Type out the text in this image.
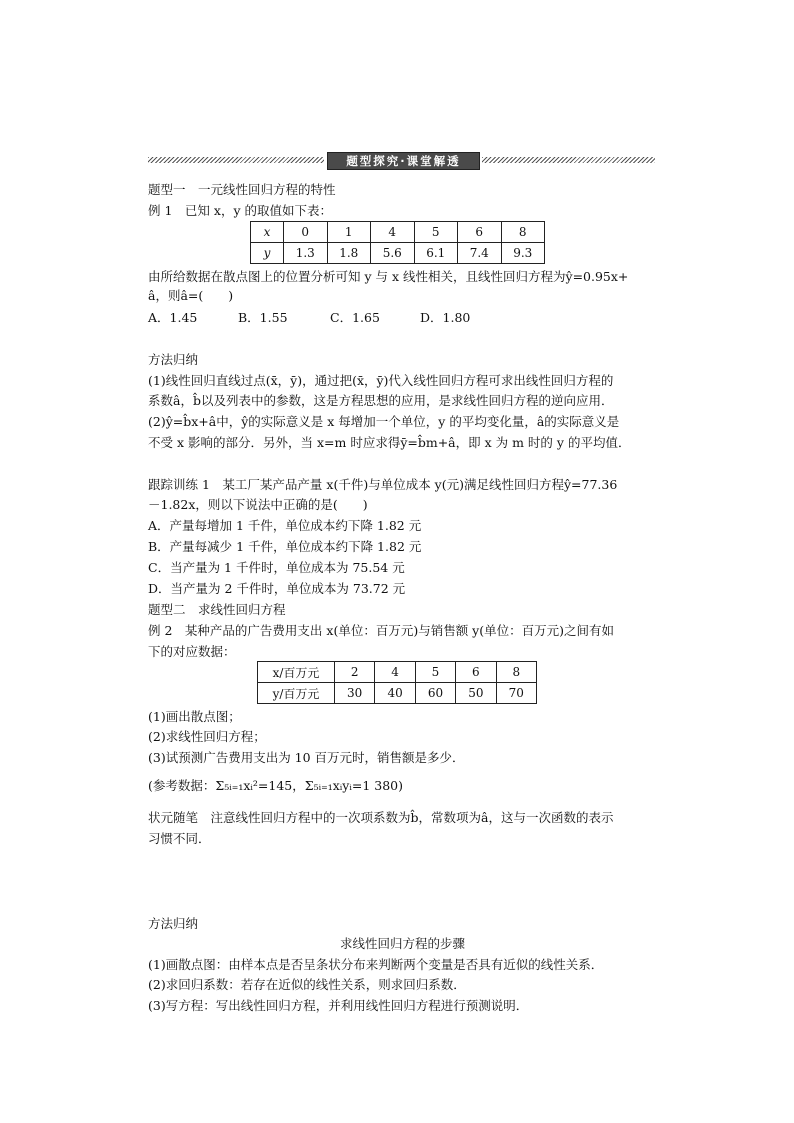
题型探究·课堂解透
题型一　一元线性回归方程的特性
例 1　已知 x，y 的取值如下表：
x	0	1	4	5	6	8
y	1.3	1.8	5.6	6.1	7.4	9.3
由所给数据在散点图上的位置分析可知 y 与 x 线性相关，且线性回归方程为ŷ=0.95x+
â，则â=(　　)
A．1.45	B．1.55	C．1.65	D．1.80
方法归纳
(1)线性回归直线过点(x̄，ȳ)，通过把(x̄，ȳ)代入线性回归方程可求出线性回归方程的
系数â，b̂以及列表中的参数，这是方程思想的应用，是求线性回归方程的逆向应用．
(2)ŷ=b̂x+â中，ŷ的实际意义是 x 每增加一个单位，y 的平均变化量，â的实际意义是
不受 x 影响的部分．另外，当 x=m 时应求得ȳ=b̂m+â，即 x 为 m 时的 y 的平均值．
跟踪训练 1　某工厂某产品产量 x(千件)与单位成本 y(元)满足线性回归方程ŷ=77.36
－1.82x，则以下说法中正确的是(　　)
A．产量每增加 1 千件，单位成本约下降 1.82 元
B．产量每减少 1 千件，单位成本约下降 1.82 元
C．当产量为 1 千件时，单位成本为 75.54 元
D．当产量为 2 千件时，单位成本为 73.72 元
题型二　求线性回归方程
例 2　某种产品的广告费用支出 x(单位：百万元)与销售额 y(单位：百万元)之间有如
下的对应数据：
x/百万元	2	4	5	6	8
y/百万元	30	40	60	50	70
(1)画出散点图；
(2)求线性回归方程；
(3)试预测广告费用支出为 10 百万元时，销售额是多少．
(参考数据：Σ₅ᵢ₌₁xᵢ²=145，Σ₅ᵢ₌₁xᵢyᵢ=1 380)
状元随笔　注意线性回归方程中的一次项系数为b̂，常数项为â，这与一次函数的表示
习惯不同．
方法归纳
求线性回归方程的步骤
(1)画散点图：由样本点是否呈条状分布来判断两个变量是否具有近似的线性关系．
(2)求回归系数：若存在近似的线性关系，则求回归系数．
(3)写方程：写出线性回归方程，并利用线性回归方程进行预测说明．
